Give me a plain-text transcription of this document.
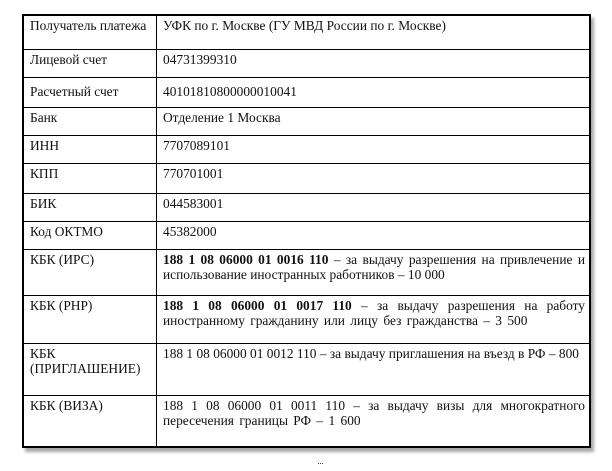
Получатель платежа	УФК по г. Москве (ГУ МВД России по г. Москве)
Лицевой счет	04731399310
Расчетный счет	40101810800000010041
Банк	Отделение 1 Москва
ИНН	7707089101
КПП	770701001
БИК	044583001
Код ОКТМО	45382000
КБК (ИРС)	188 1 08 06000 01 0016 110 – за выдачу разрешения на привлечение и использование иностранных работников – 10 000
КБК (РНР)	188 1 08 06000 01 0017 110 – за выдачу разрешения на работу иностранному гражданину или лицу без гражданства – 3 500
КБК (ПРИГЛАШЕНИЕ)	188 1 08 06000 01 0012 110 – за выдачу приглашения на въезд в РФ – 800
КБК (ВИЗА)	188 1 08 06000 01 0011 110 – за выдачу визы для многократного пересечения границы РФ – 1 600
